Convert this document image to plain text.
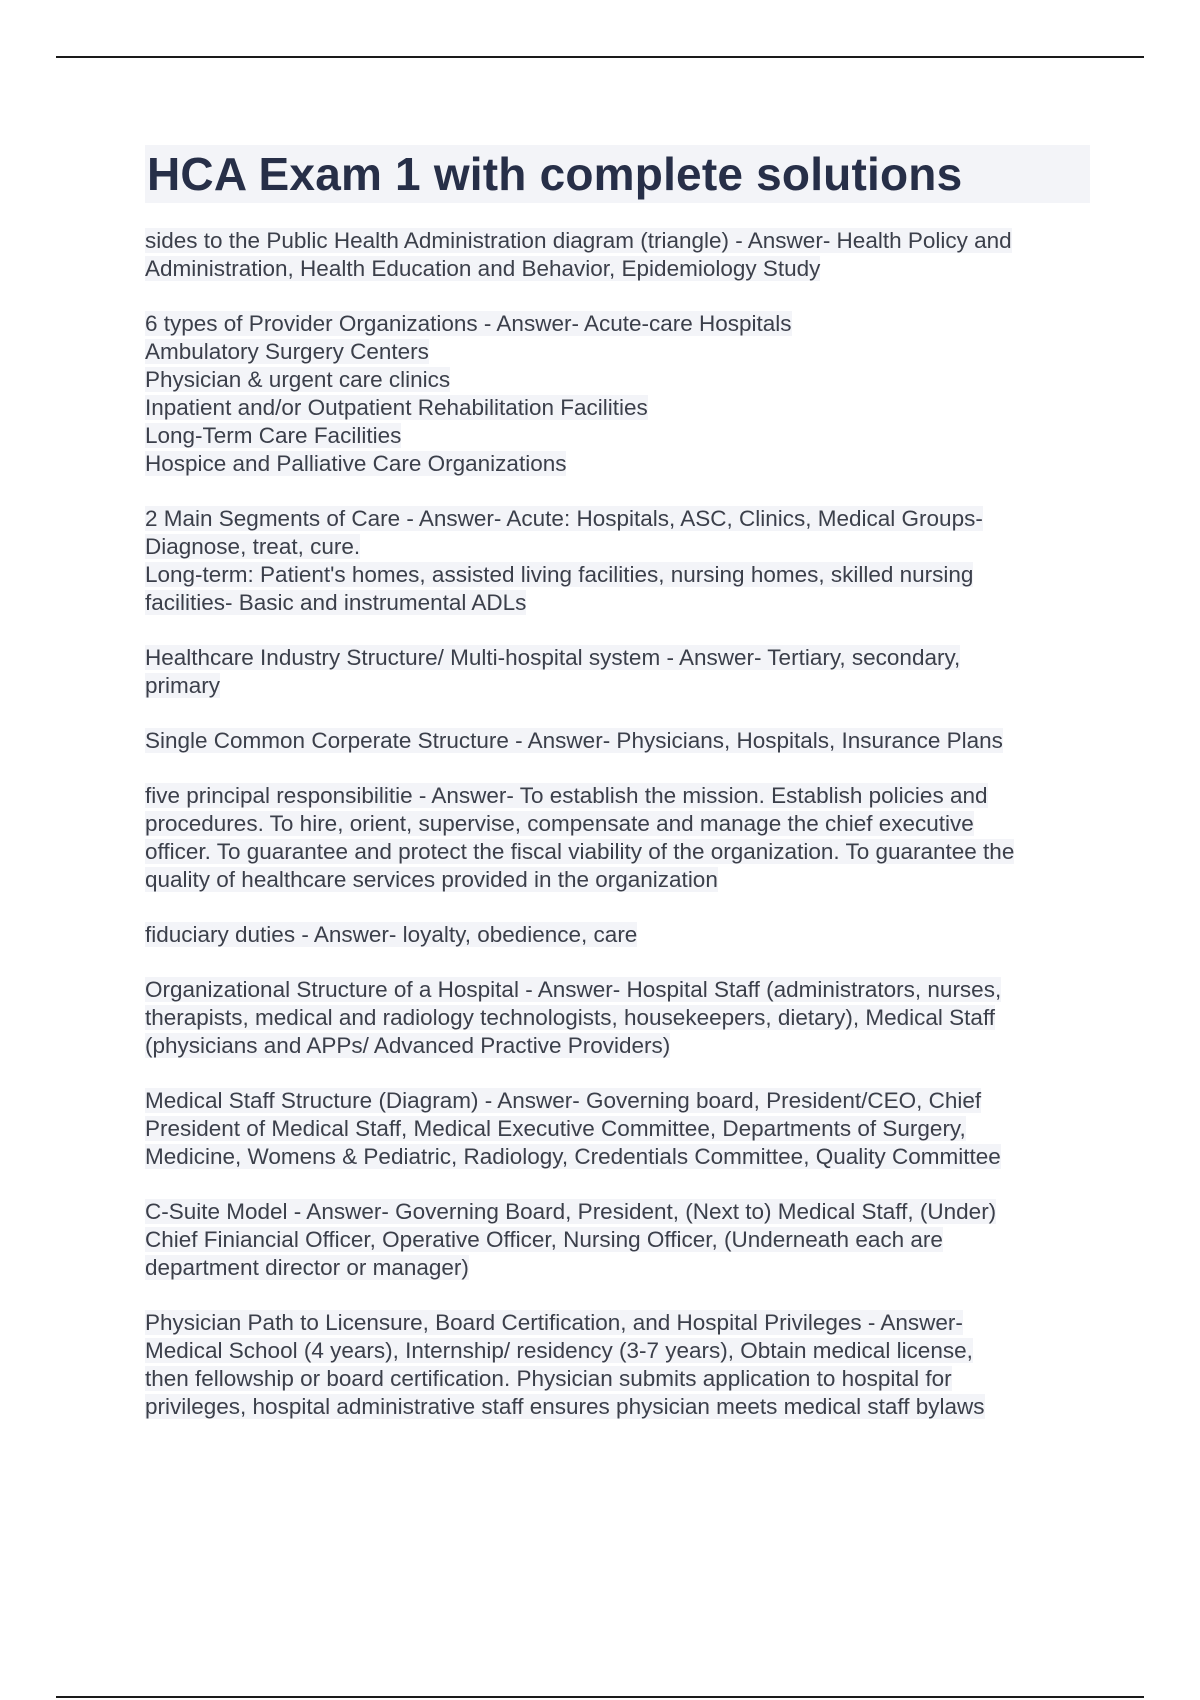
HCA Exam 1 with complete solutions

sides to the Public Health Administration diagram (triangle) - Answer- Health Policy and
Administration, Health Education and Behavior, Epidemiology Study

6 types of Provider Organizations - Answer- Acute-care Hospitals
Ambulatory Surgery Centers
Physician & urgent care clinics
Inpatient and/or Outpatient Rehabilitation Facilities
Long-Term Care Facilities
Hospice and Palliative Care Organizations

2 Main Segments of Care - Answer- Acute: Hospitals, ASC, Clinics, Medical Groups-
Diagnose, treat, cure.
Long-term: Patient's homes, assisted living facilities, nursing homes, skilled nursing
facilities- Basic and instrumental ADLs

Healthcare Industry Structure/ Multi-hospital system - Answer- Tertiary, secondary,
primary

Single Common Corperate Structure - Answer- Physicians, Hospitals, Insurance Plans

five principal responsibilitie - Answer- To establish the mission. Establish policies and
procedures. To hire, orient, supervise, compensate and manage the chief executive
officer. To guarantee and protect the fiscal viability of the organization. To guarantee the
quality of healthcare services provided in the organization

fiduciary duties - Answer- loyalty, obedience, care

Organizational Structure of a Hospital - Answer- Hospital Staff (administrators, nurses,
therapists, medical and radiology technologists, housekeepers, dietary), Medical Staff
(physicians and APPs/ Advanced Practive Providers)

Medical Staff Structure (Diagram) - Answer- Governing board, President/CEO, Chief
President of Medical Staff, Medical Executive Committee, Departments of Surgery,
Medicine, Womens & Pediatric, Radiology, Credentials Committee, Quality Committee

C-Suite Model - Answer- Governing Board, President, (Next to) Medical Staff, (Under)
Chief Finiancial Officer, Operative Officer, Nursing Officer, (Underneath each are
department director or manager)

Physician Path to Licensure, Board Certification, and Hospital Privileges - Answer-
Medical School (4 years), Internship/ residency (3-7 years), Obtain medical license,
then fellowship or board certification. Physician submits application to hospital for
privileges, hospital administrative staff ensures physician meets medical staff bylaws
